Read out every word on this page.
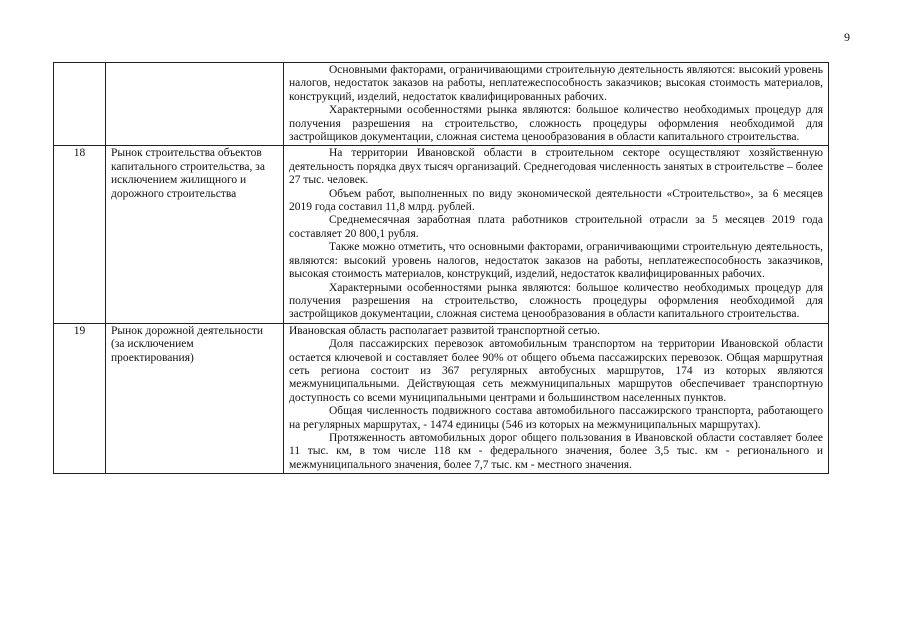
9

		Основными факторами, ограничивающими строительную деятельность являются: высокий уровень налогов, недостаток заказов на работы, неплатежеспособность заказчиков; высокая стоимость материалов, конструкций, изделий, недостаток квалифицированных рабочих.

Характерными особенностями рынка являются: большое количество необходимых процедур для получения разрешения на строительство, сложность процедуры оформления необходимой для застройщиков документации, сложная система ценообразования в области капитального строительства.

18	Рынок строительства объектов капитального строительства, за исключением жилищного и дорожного строительства	На территории Ивановской области в строительном секторе осуществляют хозяйственную деятельность порядка двух тысяч организаций. Среднегодовая численность занятых в строительстве – более 27 тыс. человек.

Объем работ, выполненных по виду экономической деятельности «Строительство», за 6 месяцев 2019 года составил 11,8 млрд. рублей.

Среднемесячная заработная плата работников строительной отрасли за 5 месяцев 2019 года составляет 20 800,1 рубля.

Также можно отметить, что основными факторами, ограничивающими строительную деятельность, являются: высокий уровень налогов, недостаток заказов на работы, неплатежеспособность заказчиков, высокая стоимость материалов, конструкций, изделий, недостаток квалифицированных рабочих.

Характерными особенностями рынка являются: большое количество необходимых процедур для получения разрешения на строительство, сложность процедуры оформления необходимой для застройщиков документации, сложная система ценообразования в области капитального строительства.

19	Рынок дорожной деятельности (за исключением проектирования)	Ивановская область располагает развитой транспортной сетью.

Доля пассажирских перевозок автомобильным транспортом на территории Ивановской области остается ключевой и составляет более 90% от общего объема пассажирских перевозок. Общая маршрутная сеть региона состоит из 367 регулярных автобусных маршрутов, 174 из которых являются межмуниципальными. Действующая сеть межмуниципальных маршрутов обеспечивает транспортную доступность со всеми муниципальными центрами и большинством населенных пунктов.

Общая численность подвижного состава автомобильного пассажирского транспорта, работающего на регулярных маршрутах, - 1474 единицы (546 из которых на межмуниципальных маршрутах).

Протяженность автомобильных дорог общего пользования в Ивановской области составляет более 11 тыс. км, в том числе 118 км - федерального значения, более 3,5 тыс. км - регионального и межмуниципального значения, более 7,7 тыс. км - местного значения.
